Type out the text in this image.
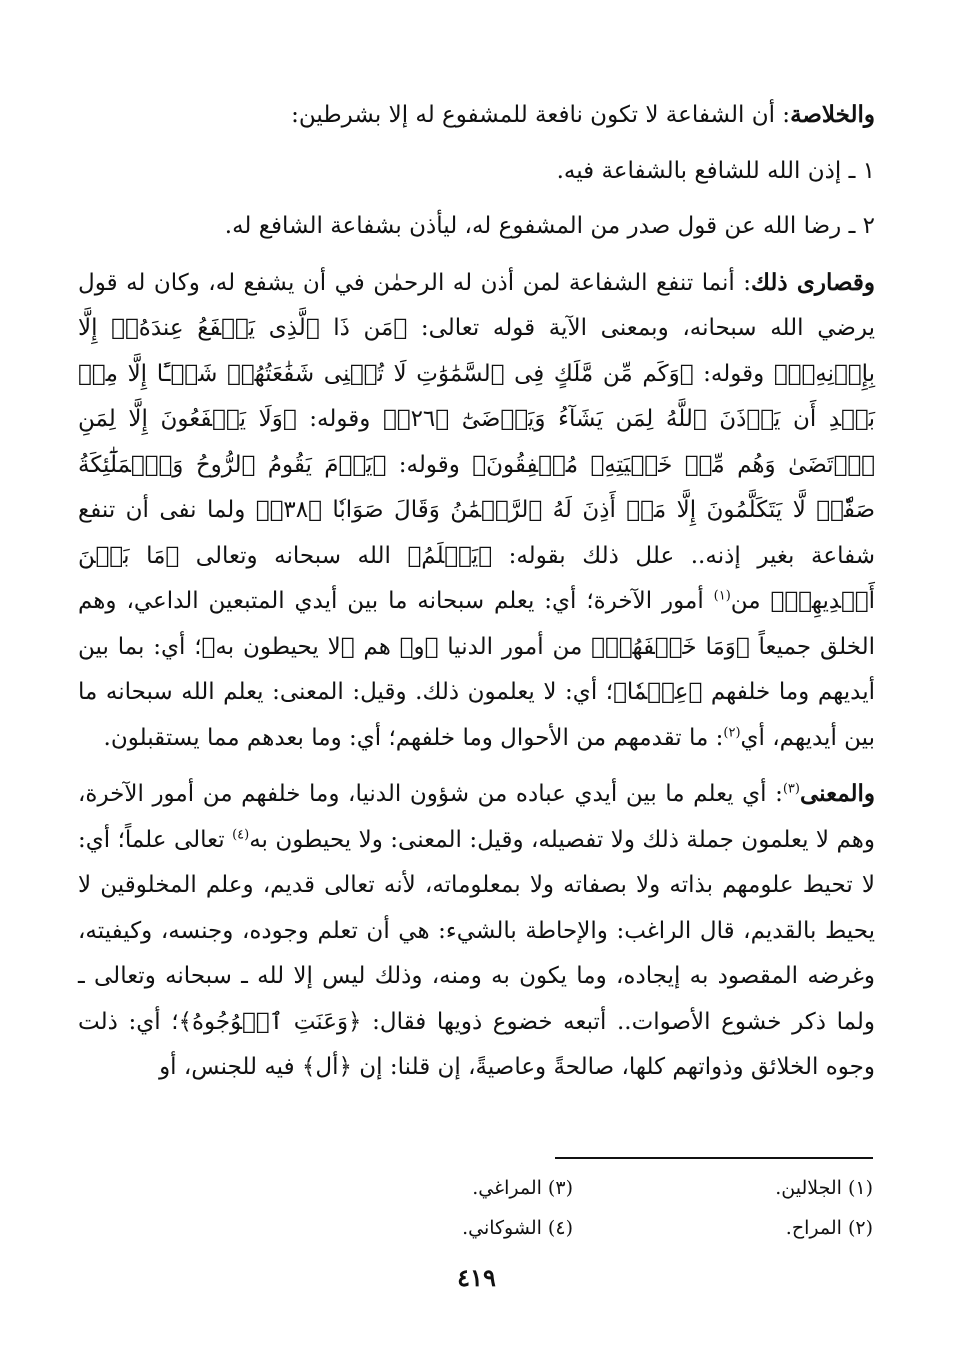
والخلاصة: أن الشفاعة لا تكون نافعة للمشفوع له إلا بشرطين:

١ ـ إذن الله للشافع بالشفاعة فيه.

٢ ـ رضا الله عن قول صدر من المشفوع له، ليأذن بشفاعة الشافع له.

وقصارى ذلك: أنما تنفع الشفاعة لمن أذن له الرحمٰن في أن يشفع له، وكان له قول يرضي الله سبحانه، وبمعنى الآية قوله تعالى: ﴿مَن ذَا ٱلَّذِى يَشۡفَعُ عِندَهُۥٓ إِلَّا بِإِذۡنِهِۦۚ﴾ وقوله: ﴿وَكَم مِّن مَّلَكٍ فِى ٱلسَّمَٰوَٰتِ لَا تُغۡنِى شَفَٰعَتُهُمۡ شَيۡـًٔا إِلَّا مِنۢ بَعۡدِ أَن يَأۡذَنَ ٱللَّهُ لِمَن يَشَآءُ وَيَرۡضَىٰٓ ﴿٢٦﴾﴾ وقوله: ﴿وَلَا يَشۡفَعُونَ إِلَّا لِمَنِ ٱرۡتَضَىٰ وَهُم مِّنۡ خَشۡيَتِهِۦ مُشۡفِقُونَ﴾ وقوله: ﴿يَوۡمَ يَقُومُ ٱلرُّوحُ وَٱلۡمَلَٰٓئِكَةُ صَفّٗاۖ لَّا يَتَكَلَّمُونَ إِلَّا مَنۡ أَذِنَ لَهُ ٱلرَّحۡمَٰنُ وَقَالَ صَوَابٗا ﴿٣٨﴾﴾ ولما نفى أن تنفع شفاعة بغير إذنه.. علل ذلك بقوله: ﴿يَعۡلَمُ﴾ الله سبحانه وتعالى ﴿مَا بَيۡنَ أَيۡدِيهِمۡ﴾ من$^{(١)}$ أمور الآخرة؛ أي: يعلم سبحانه ما بين أيدي المتبعين الداعي، وهم الخلق جميعاً ﴿وَمَا خَلۡفَهُمۡ﴾ من أمور الدنيا ﴿و﴾ هم ﴿لا يحيطون به﴾؛ أي: بما بين أيديهم وما خلفهم ﴿عِلۡمٗا﴾؛ أي: لا يعلمون ذلك. وقيل: المعنى: يعلم الله سبحانه ما بين أيديهم، أي$^{(٢)}$: ما تقدمهم من الأحوال وما خلفهم؛ أي: وما بعدهم مما يستقبلون.

والمعنى$^{(٣)}$: أي يعلم ما بين أيدي عباده من شؤون الدنيا، وما خلفهم من أمور الآخرة، وهم لا يعلمون جملة ذلك ولا تفصيله، وقيل: المعنى: ولا يحيطون به$^{(٤)}$ تعالى علماً؛ أي: لا تحيط علومهم بذاته ولا بصفاته ولا بمعلوماته، لأنه تعالى قديم، وعلم المخلوقين لا يحيط بالقديم، قال الراغب: والإحاطة بالشيء: هي أن تعلم وجوده، وجنسه، وكيفيته، وغرضه المقصود به إيجاده، وما يكون به ومنه، وذلك ليس إلا لله ـ سبحانه وتعالى ـ ولما ذكر خشوع الأصوات.. أتبعه خضوع ذويها فقال: ﴿وَعَنَتِ ٱلۡوُجُوهُ﴾؛ أي: ذلت وجوه الخلائق وذواتهم كلها، صالحةً وعاصيةً، إن قلنا: إن ﴿أل﴾ فيه للجنس، أو

(١) الجلالين.
(٣) المراغي.
(٢) المراح.
(٤) الشوكاني.
٤١٩
